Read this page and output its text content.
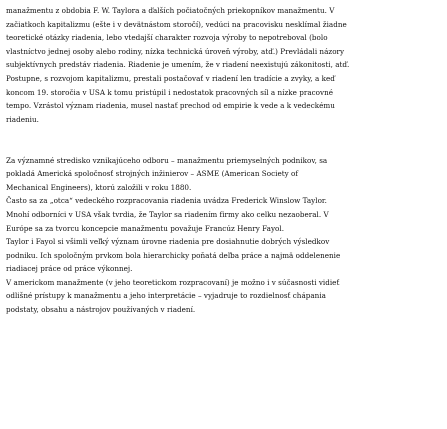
manažmentu z obdobia F. W. Taylora a ďalších počiatočných priekopníkov manažmentu. V
začiatkoch kapitalizmu (ešte i v devätnástom storočí), vedúci na pracovisku nesklímal žiadne
teoretické otázky riadenia, lebo vtedajší charakter rozvoja výroby to nepotreboval (bolo
vlastníctvo jednej osoby alebo rodiny, nízka technická úroveň výroby, atď.) Prevládali názory
subjektívnych predstáv riadenia. Riadenie je umením, že v riadení neexistujú zákonitosti, atď.
Postupne, s rozvojom kapitalizmu, prestali postačovať v riadení len tradície a zvyky, a keď
koncom 19. storočia v USA k tomu pristúpil i nedostatok pracovných síl a nízke pracovné
tempo. Vzrástol význam riadenia, musel nastať prechod od empirie k vede a k vedeckému
riadeniu.

Za významné stredisko vznikajúceho odboru – manažmentu priemyselných podnikov, sa
pokladá Americká spoločnosť strojných inžinierov – ASME (American Society of
Mechanical Engineers), ktorú založili v roku 1880.
Často sa za „otca“ vedeckého rozpracovania riadenia uvádza Frederick Winslow Taylor.
Mnohí odborníci v USA však tvrdia, že Taylor sa riadením firmy ako celku nezaoberal. V
Európe sa za tvorcu koncepcie manažmentu považuje Francúz Henry Fayol.
Taylor i Fayol si všimli veľký význam úrovne riadenia pre dosiahnutie dobrých výsledkov
podniku. Ich spoločným prvkom bola hierarchicky poňatá deľba práce a najmä oddelenenie
riadiacej práce od práce výkonnej.
V americkom manažmente (v jeho teoretickom rozpracovaní) je možno i v súčasnosti vidieť
odlišné prístupy k manažmentu a jeho interpretácie – vyjadruje to rozdielnosť chápania
podstaty, obsahu a nástrojov používaných v riadení.
